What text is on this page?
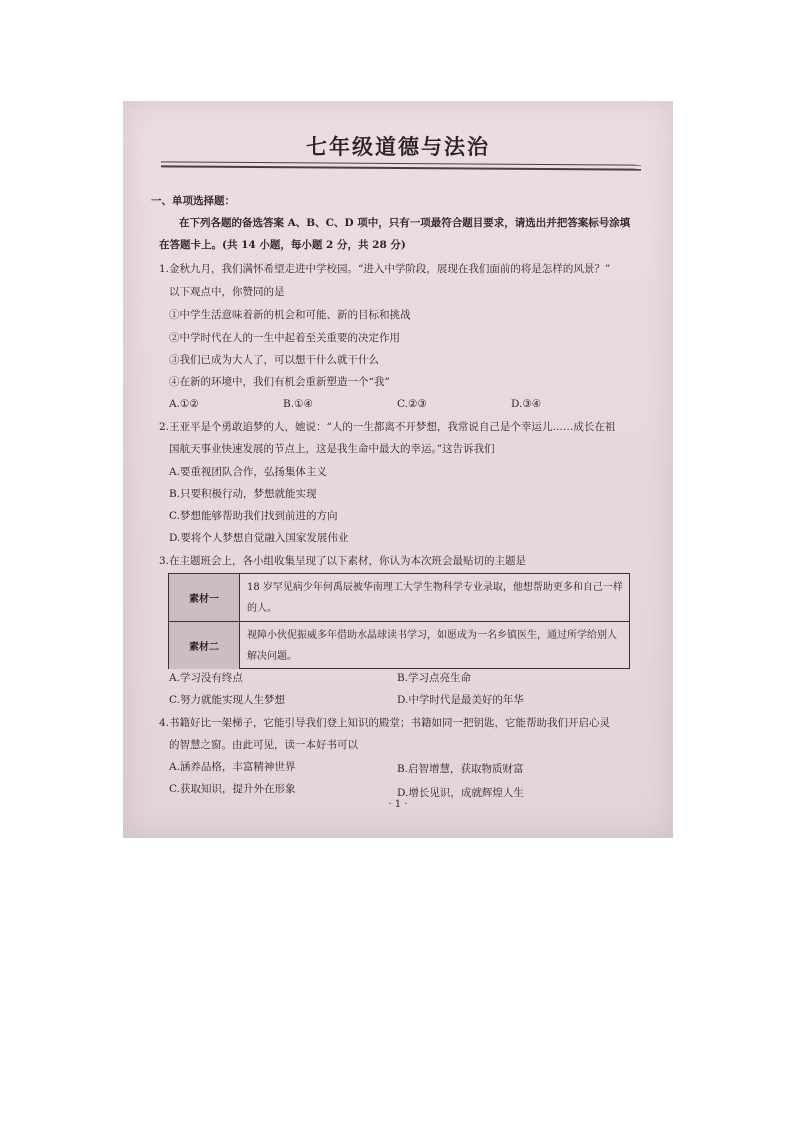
七年级道德与法治
一、单项选择题：
在下列各题的备选答案 A、B、C、D 项中，只有一项最符合题目要求，请选出并把答案标号涂填
在答题卡上。(共 14 小题，每小题 2 分，共 28 分)
1.金秋九月，我们满怀希望走进中学校园。“进入中学阶段，展现在我们面前的将是怎样的风景？”
以下观点中，你赞同的是
①中学生活意味着新的机会和可能、新的目标和挑战
②中学时代在人的一生中起着至关重要的决定作用
③我们已成为大人了，可以想干什么就干什么
④在新的环境中，我们有机会重新塑造一个“我”
A.①②	B.①④	C.②③	D.③④
2.王亚平是个勇敢追梦的人，她说：“人的一生都离不开梦想，我常说自己是个幸运儿……成长在祖
国航天事业快速发展的节点上，这是我生命中最大的幸运。”这告诉我们
A.要重视团队合作，弘扬集体主义
B.只要积极行动，梦想就能实现
C.梦想能够帮助我们找到前进的方向
D.要将个人梦想自觉融入国家发展伟业
3.在主题班会上，各小组收集呈现了以下素材，你认为本次班会最贴切的主题是
素材一
18 岁罕见病少年何禹辰被华南理工大学生物科学专业录取，他想帮助更多和自己一样的人。
素材二
视障小伙伲振威多年借助水晶球读书学习，如愿成为一名乡镇医生，通过所学给别人解决问题。
A.学习没有终点	B.学习点亮生命
C.努力就能实现人生梦想	D.中学时代是最美好的年华
4.书籍好比一架梯子，它能引导我们登上知识的殿堂；书籍如同一把钥匙，它能帮助我们开启心灵
的智慧之窗。由此可见，读一本好书可以
A.涵养品格，丰富精神世界	B.启智增慧，获取物质财富
C.获取知识，提升外在形象	D.增长见识，成就辉煌人生
· 1 ·
